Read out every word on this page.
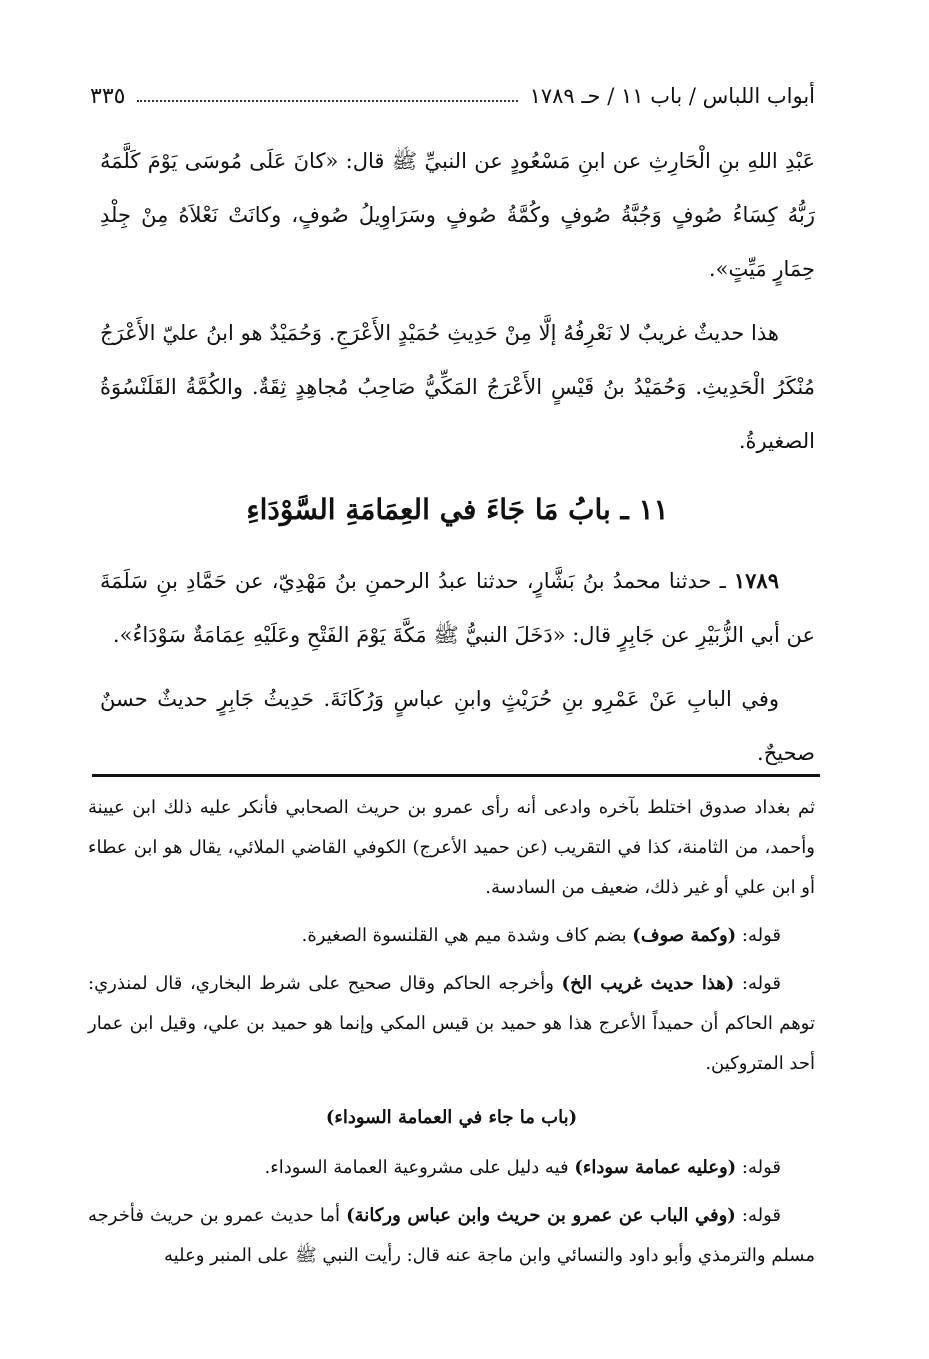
أبواب اللباس / باب ١١ / حـ ١٧٨٩
٣٣٥

عَبْدِ اللهِ بنِ الْحَارِثِ عن ابنِ مَسْعُودٍ عن النبيِّ ﷺ قال: «كانَ عَلَى مُوسَى يَوْمَ كَلَّمَهُ رَبُّهُ كِسَاءُ صُوفٍ وَجُبَّةُ صُوفٍ وكُمَّةُ صُوفٍ وسَرَاوِيلُ صُوفٍ، وكانَتْ نَعْلاَهُ مِنْ جِلْدِ حِمَارٍ مَيِّتٍ».

هذا حديثٌ غريبٌ لا نَعْرِفُهُ إلَّا مِنْ حَدِيثِ حُمَيْدٍ الأَعْرَجِ. وَحُمَيْدٌ هو ابنُ عليّ الأَعْرَجُ مُنْكَرُ الْحَدِيثِ. وَحُمَيْدُ بنُ قَيْسٍ الأَعْرَجُ المَكِّيُّ صَاحِبُ مُجاهِدٍ ثِقَةٌ. والكُمَّةُ القَلَنْسُوَةُ الصغيرةُ.

١١ ـ بابُ مَا جَاءَ في العِمَامَةِ السَّوْدَاءِ

١٧٨٩ ـ حدثنا محمدُ بنُ بَشَّارٍ، حدثنا عبدُ الرحمنِ بنُ مَهْدِيّ، عن حَمَّادِ بنِ سَلَمَةَ عن أبي الزُّبَيْرِ عن جَابِرٍ قال: «دَخَلَ النبيُّ ﷺ مَكَّةَ يَوْمَ الفَتْحِ وعَلَيْهِ عِمَامَةٌ سَوْدَاءُ».

وفي البابِ عَنْ عَمْرِو بنِ حُرَيْثٍ وابنِ عباسٍ وَرُكَانَةَ. حَدِيثُ جَابِرٍ حديثٌ حسنٌ صحيحٌ.

ثم بغداد صدوق اختلط بآخره وادعى أنه رأى عمرو بن حريث الصحابي فأنكر عليه ذلك ابن عيينة وأحمد، من الثامنة، كذا في التقريب (عن حميد الأعرج) الكوفي القاضي الملائي، يقال هو ابن عطاء أو ابن علي أو غير ذلك، ضعيف من السادسة.

قوله: (وكمة صوف) بضم كاف وشدة ميم هي القلنسوة الصغيرة.

قوله: (هذا حديث غريب الخ) وأخرجه الحاكم وقال صحيح على شرط البخاري، قال لمنذري: توهم الحاكم أن حميداً الأعرج هذا هو حميد بن قيس المكي وإنما هو حميد بن علي، وقيل ابن عمار أحد المتروكين.

(باب ما جاء في العمامة السوداء)

قوله: (وعليه عمامة سوداء) فيه دليل على مشروعية العمامة السوداء.

قوله: (وفي الباب عن عمرو بن حريث وابن عباس وركانة) أما حديث عمرو بن حريث فأخرجه مسلم والترمذي وأبو داود والنسائي وابن ماجة عنه قال: رأيت النبي ﷺ على المنبر وعليه
